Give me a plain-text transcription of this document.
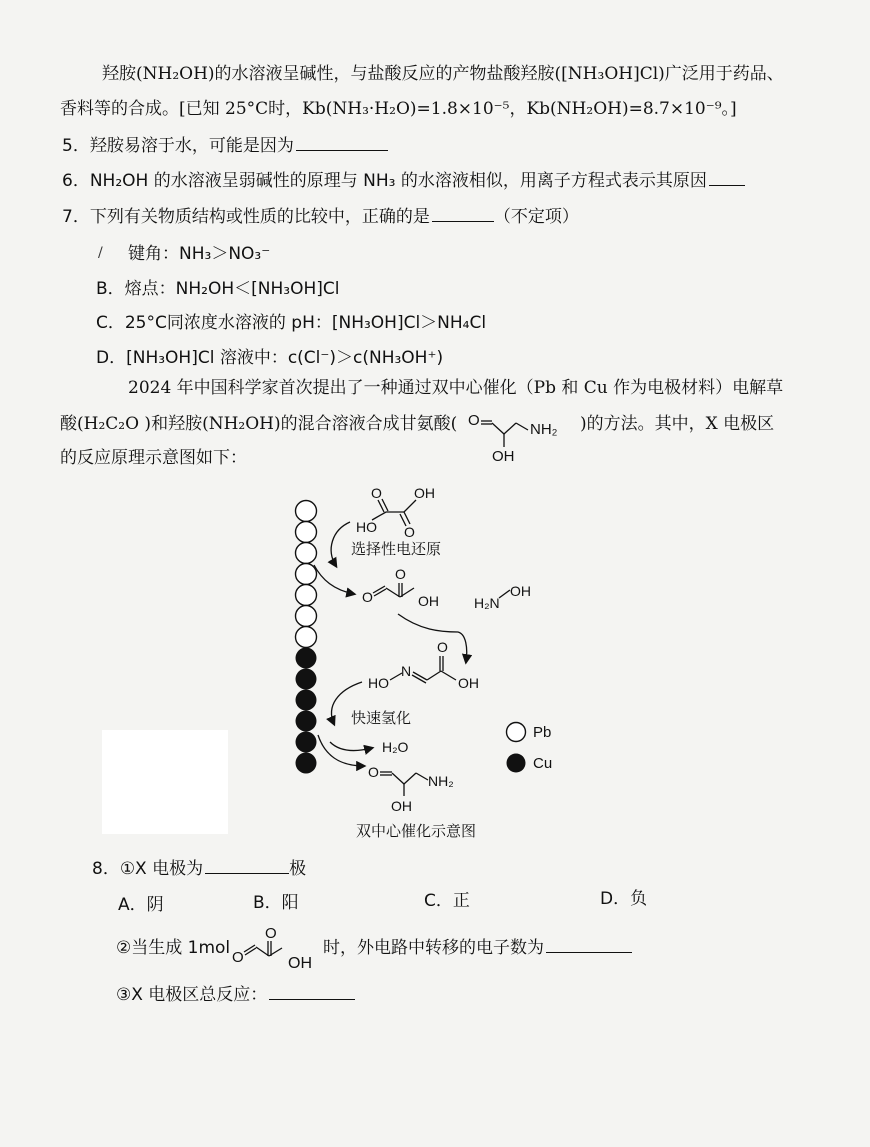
羟胺(NH₂OH)的水溶液呈碱性，与盐酸反应的产物盐酸羟胺([NH₃OH]Cl)广泛用于药品、
香料等的合成。[已知 25°C时，Kb(NH₃·H₂O)=1.8×10⁻⁵，Kb(NH₂OH)=8.7×10⁻⁹。]
5．羟胺易溶于水，可能是因为
6．NH₂OH 的水溶液呈弱碱性的原理与 NH₃ 的水溶液相似，用离子方程式表示其原因
7．下列有关物质结构或性质的比较中，正确的是	（不定项）
/ 键角：NH₃＞NO₃⁻
B．熔点：NH₂OH＜[NH₃OH]Cl
C．25°C同浓度水溶液的 pH：[NH₃OH]Cl＞NH₄Cl
D．[NH₃OH]Cl 溶液中：c(Cl⁻)＞c(NH₃OH⁺)
2024 年中国科学家首次提出了一种通过双中心催化（Pb 和 Cu 作为电极材料）电解草
酸(H₂C₂O )和羟胺(NH₂OH)的混合溶液合成甘氨酸( O
NH₂
OH
)的方法。其中，X 电极区
的反应原理示意图如下：
O OH
HO O
O
O
OH	H₂N
OH
HO
N
O
OH
H₂O
O
NH₂
OH
Pb
Cu
选择性电还原
快速氢化
双中心催化示意图
8．①X 电极为	极
A．阴	B．阳	C．正	D．负
②当生成 1mol O
O
OH
时，外电路中转移的电子数为
③X 电极区总反应：
